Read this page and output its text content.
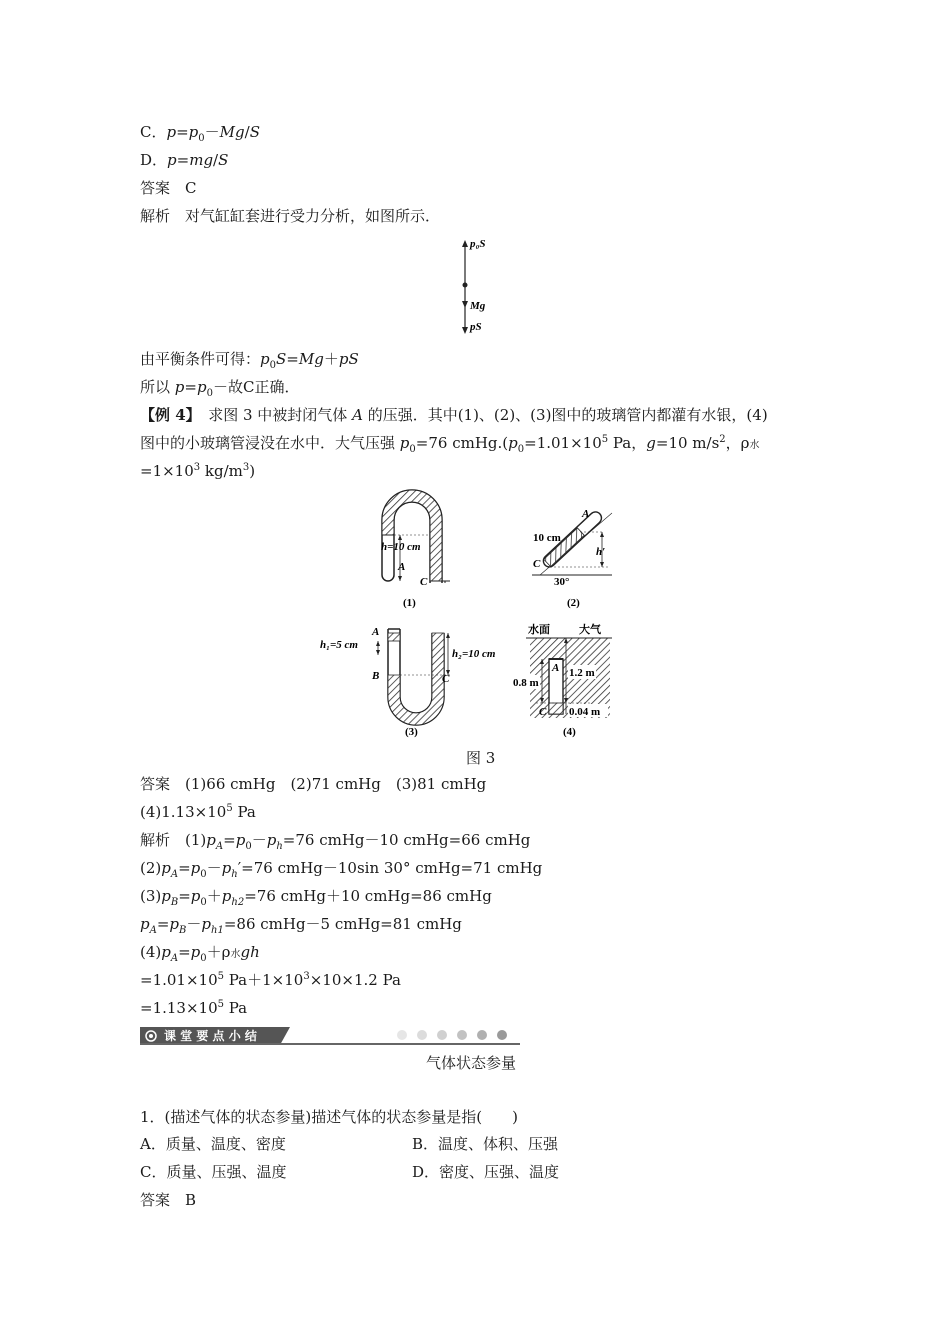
C．$p=p_0-Mg/S$
D．p=mg/S
答案　 C
解析　 对气缸缸套进行受力分析，如图所示．
p₀S
Mg
pS
由平衡条件可得：$p_0S=Mg+pS$
所以 $p=p_0-$故C正确．
【例 4】　 求图 3 中被封闭气体 A 的压强．其中(1)、(2)、(3)图中的玻璃管内都灌有水银，(4)
图中的小玻璃管浸没在水中．大气压强 $p_0=76$ $cmHg.(p_0=1.01\times 10^5$ Pa，g=10 $m/s^2$，ρ水
$=1\times 10^3$ $kg/m^3$)
h=10 cm
A
C
(1)
10 cm
A
C
h′
30°
(2)
A
B	C
h₁=5 cm
h₂=10 cm
(3)
水面	大气
A
C
0.8 m
1.2 m
0.04 m
(4)
图 3
答案　 (1)66 cmHg　(2)71 cmHg　(3)81 cmHg
$(4)1.13\times 10^5$ Pa
解析　 $(1)p_A=p_0-p_h=76$ cmHg－10 cmHg=66 cmHg
$(2)p_A=p_0-p_h'=76$ cmHg－10sin 30° cmHg=71 cmHg
$(3)p_B=p_0+p_{h2}=76$ cmHg＋10 cmHg=86 cmHg
$p_A=p_B-p_{h1}=86$ cmHg－5 cmHg=81 cmHg
$(4)p_A=p_0+\rho$水gh
$=1.01\times 10^5$ $Pa+1\times 10^3\times 10\times 1.2$ Pa
$=1.13\times 10^5$ Pa
课 堂 要 点 小 结
气体状态参量
1．(描述气体的状态参量)描述气体的状态参量是指(　　)
A．质量、温度、密度	B．温度、体积、压强
C．质量、压强、温度	D．密度、压强、温度
答案　 B
